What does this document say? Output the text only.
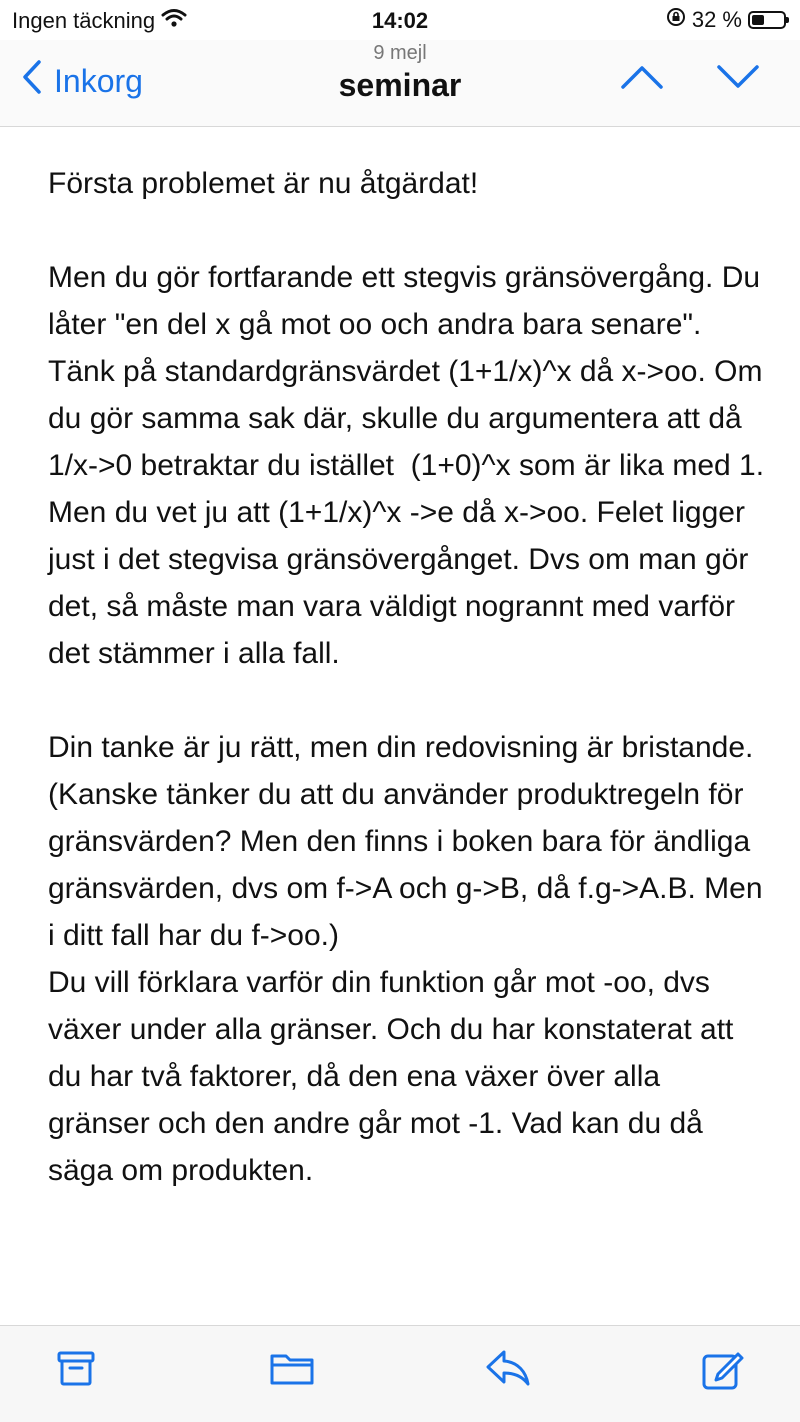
Ingen täckning	14:02	32 %
Inkorg
9 mejl
seminar

Första problemet är nu åtgärdat!

Men du gör fortfarande ett stegvis gränsövergång. Du låter "en del x gå mot oo och andra bara senare". Tänk på standardgränsvärdet (1+1/x)^x då x->oo. Om du gör samma sak där, skulle du argumentera att då 1/x->0 betraktar du istället  (1+0)^x som är lika med 1. Men du vet ju att (1+1/x)^x ->e då x->oo. Felet ligger just i det stegvisa gränsövergånget. Dvs om man gör det, så måste man vara väldigt nogrannt med varför det stämmer i alla fall.

Din tanke är ju rätt, men din redovisning är bristande. (Kanske tänker du att du använder produktregeln för gränsvärden? Men den finns i boken bara för ändliga gränsvärden, dvs om f->A och g->B, då f.g->A.B. Men i ditt fall har du f->oo.)

Du vill förklara varför din funktion går mot -oo, dvs växer under alla gränser. Och du har konstaterat att du har två faktorer, då den ena växer över alla gränser och den andre går mot -1. Vad kan du då säga om produkten.
